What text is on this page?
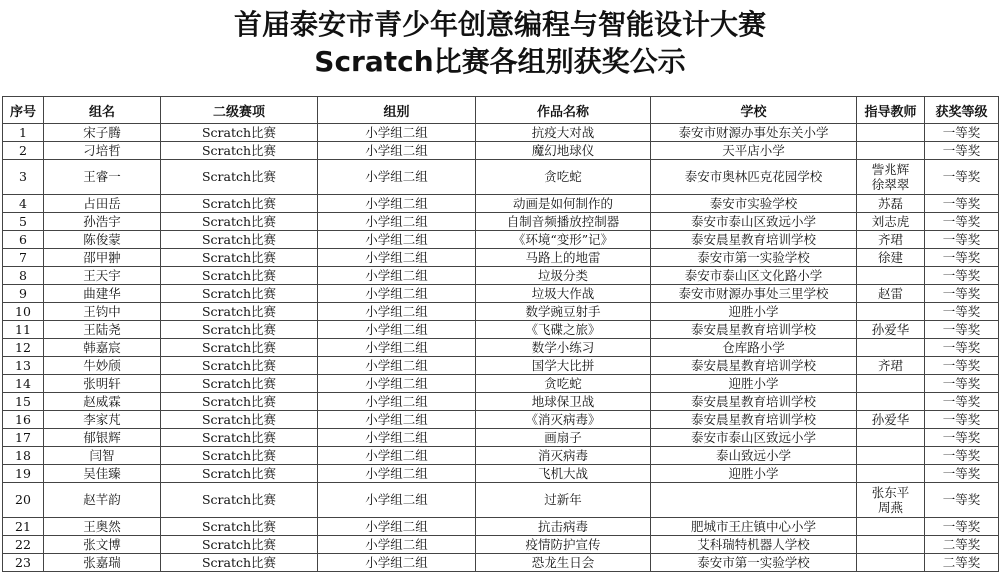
首届泰安市青少年创意编程与智能设计大赛
Scratch比赛各组别获奖公示
序号	组名	二级赛项	组别	作品名称	学校	指导教师	获奖等级
1	宋子腾	Scratch比赛	小学组二组	抗疫大对战	泰安市财源办事处东关小学		一等奖
2	刁培哲	Scratch比赛	小学组二组	魔幻地球仪	天平店小学		一等奖
3	王睿一	Scratch比赛	小学组二组	贪吃蛇	泰安市奥林匹克花园学校	訾兆辉
徐翠翠	一等奖
4	占田岳	Scratch比赛	小学组二组	动画是如何制作的	泰安市实验学校	苏磊	一等奖
5	孙浩宇	Scratch比赛	小学组二组	自制音频播放控制器	泰安市泰山区致远小学	刘志虎	一等奖
6	陈俊蒙	Scratch比赛	小学组二组	《环境“变形”记》	泰安晨星教育培训学校	齐珺	一等奖
7	邵甲翀	Scratch比赛	小学组二组	马路上的地雷	泰安市第一实验学校	徐建	一等奖
8	王天宇	Scratch比赛	小学组二组	垃圾分类	泰安市泰山区文化路小学		一等奖
9	曲建华	Scratch比赛	小学组二组	垃圾大作战	泰安市财源办事处三里学校	赵雷	一等奖
10	王钧中	Scratch比赛	小学组二组	数学豌豆射手	迎胜小学		一等奖
11	王陆尧	Scratch比赛	小学组二组	《飞碟之旅》	泰安晨星教育培训学校	孙爱华	一等奖
12	韩嘉宸	Scratch比赛	小学组二组	数学小练习	仓库路小学		一等奖
13	牛妙颀	Scratch比赛	小学组二组	国学大比拼	泰安晨星教育培训学校	齐珺	一等奖
14	张明轩	Scratch比赛	小学组二组	贪吃蛇	迎胜小学		一等奖
15	赵威霖	Scratch比赛	小学组二组	地球保卫战	泰安晨星教育培训学校		一等奖
16	李家芃	Scratch比赛	小学组二组	《消灭病毒》	泰安晨星教育培训学校	孙爱华	一等奖
17	郁银辉	Scratch比赛	小学组二组	画扇子	泰安市泰山区致远小学		一等奖
18	闫智	Scratch比赛	小学组二组	消灭病毒	泰山致远小学		一等奖
19	吴佳臻	Scratch比赛	小学组二组	飞机大战	迎胜小学		一等奖
20	赵芊韵	Scratch比赛	小学组二组	过新年		张东平
周燕	一等奖
21	王奥然	Scratch比赛	小学组二组	抗击病毒	肥城市王庄镇中心小学		一等奖
22	张文博	Scratch比赛	小学组二组	疫情防护宣传	艾科瑞特机器人学校		二等奖
23	张嘉瑞	Scratch比赛	小学组二组	恐龙生日会	泰安市第一实验学校		二等奖
